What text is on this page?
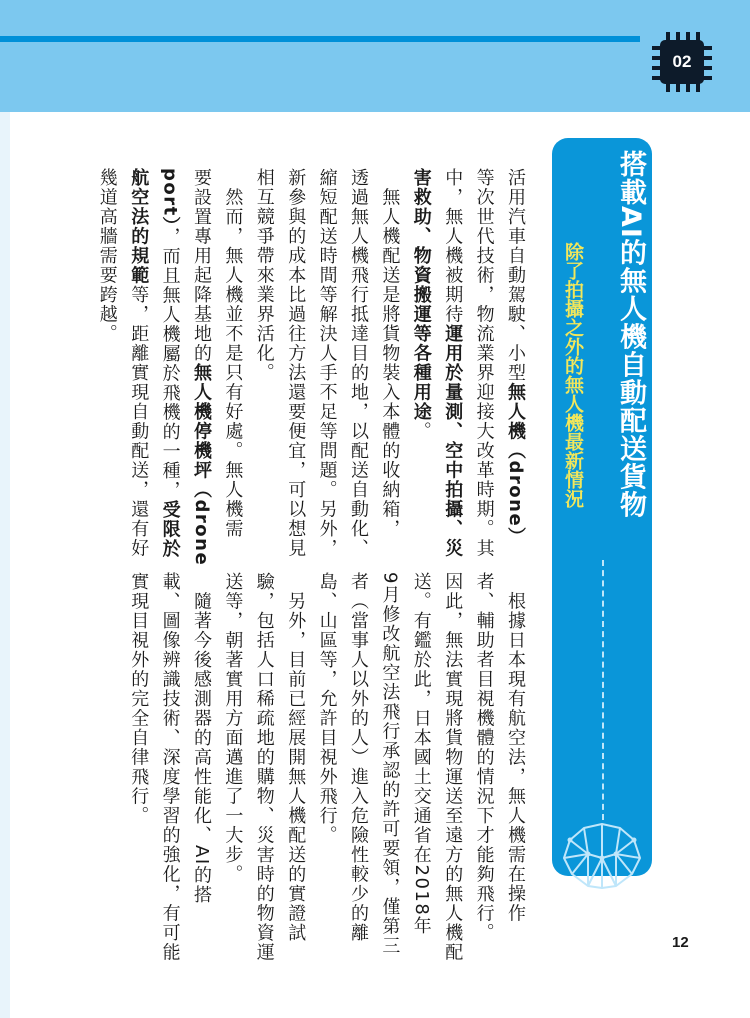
02
搭載AI的無人機自動配送貨物
除了拍攝之外的無人機最新情況
12
活用汽車自動駕駛、小型無人機（drone）
等次世代技術，物流業界迎接大改革時期。其
中，無人機被期待運用於量測、空中拍攝、災
害救助、物資搬運等各種用途。
　無人機配送是將貨物裝入本體的收納箱，
透過無人機飛行抵達目的地，以配送自動化、
縮短配送時間等解決人手不足等問題。另外，
新參與的成本比過往方法還要便宜，可以想見
相互競爭帶來業界活化。
　然而，無人機並不是只有好處。無人機需
要設置專用起降基地的無人機停機坪（drone
port），而且無人機屬於飛機的一種，受限於
航空法的規範等，距離實現自動配送，還有好
幾道高牆需要跨越。
　根據日本現有航空法，無人機需在操作
者、輔助者目視機體的情況下才能夠飛行。
因此，無法實現將貨物運送至遠方的無人機配
送。有鑑於此，日本國土交通省在2018年
9月修改航空法飛行承認的許可要領，僅第三
者（當事人以外的人）進入危險性較少的離
島、山區等，允許目視外飛行。
　另外，目前已經展開無人機配送的實證試
驗，包括人口稀疏地的購物、災害時的物資運
送等，朝著實用方面邁進了一大步。
　隨著今後感測器的高性能化、AI的搭
載、圖像辨識技術、深度學習的強化，有可能
實現目視外的完全自律飛行。
